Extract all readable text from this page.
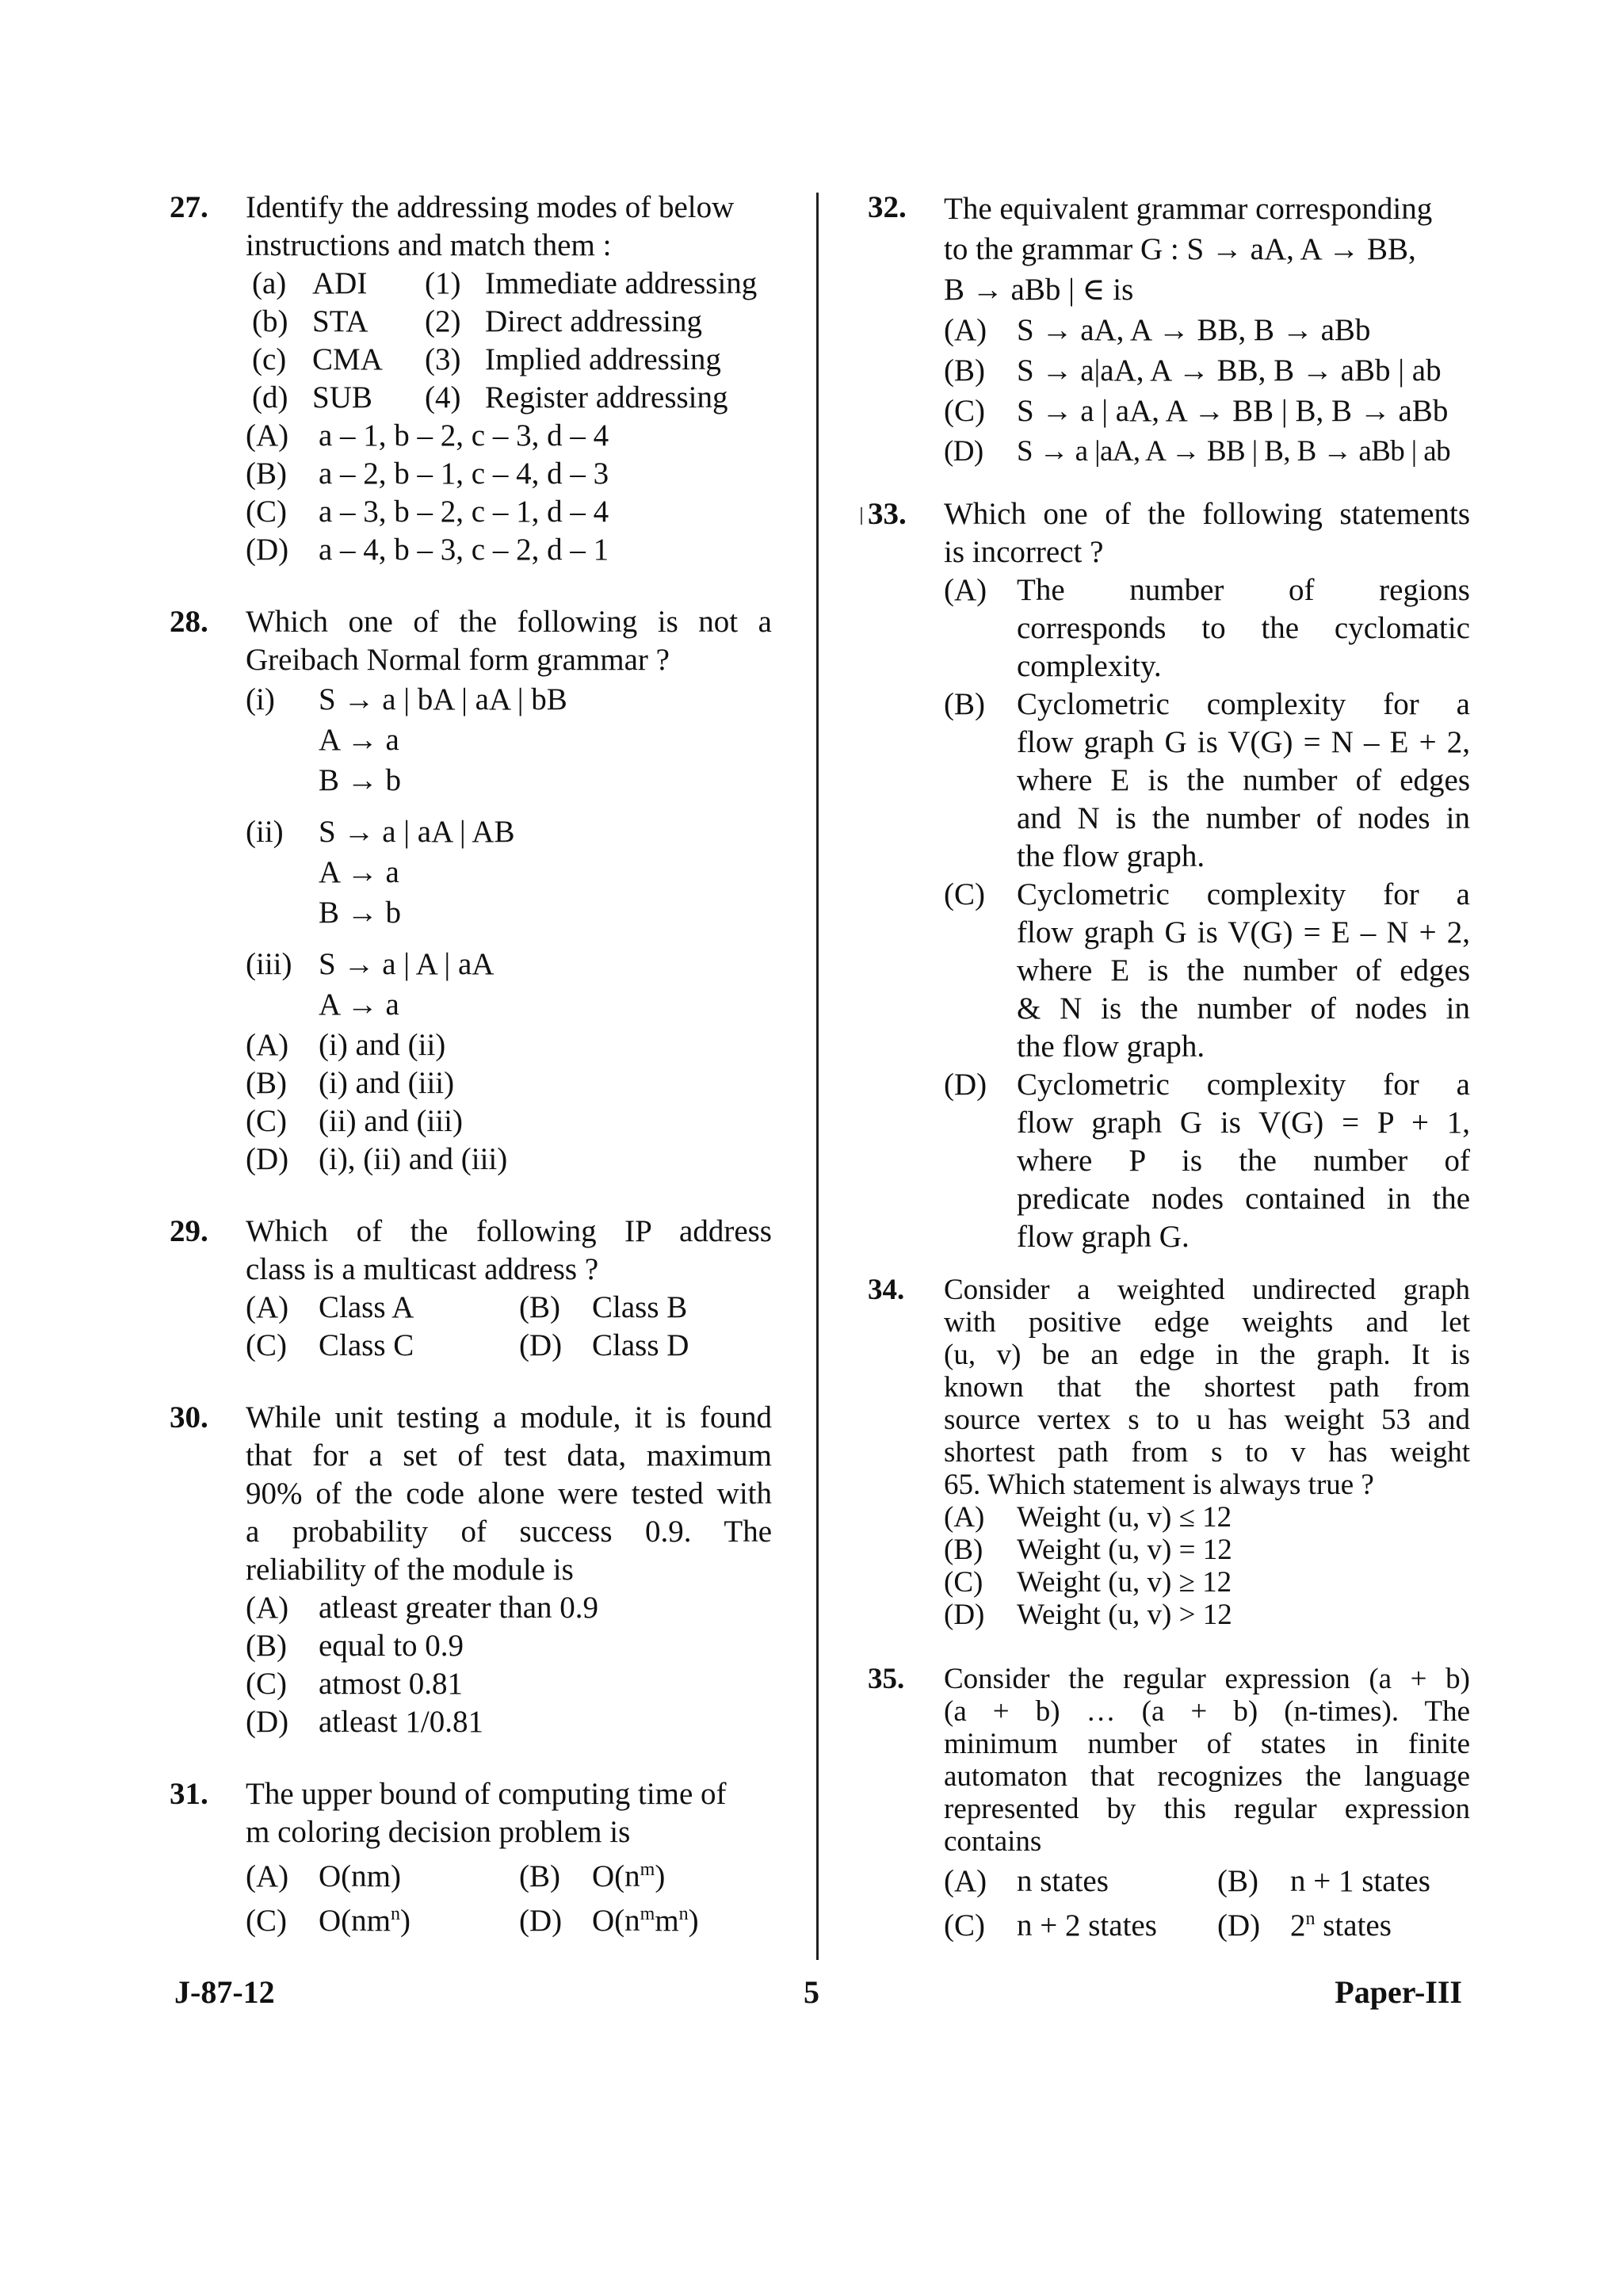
27.	Identify the addressing modes of below
instructions and match them :
(a) ADI (1) Immediate addressing
(b) STA (2) Direct addressing
(c) CMA (3) Implied addressing
(d) SUB (4) Register addressing
(A) a – 1, b – 2, c – 3, d – 4
(B)	a – 2, b – 1, c – 4, d – 3
(C)	a – 3, b – 2, c – 1, d – 4
(D) a – 4, b – 3, c – 2, d – 1
28.	Which one of the following is not a
Greibach Normal form grammar ?
(i)	S → a | bA | aA | bB
A → a
B → b
(ii)	S → a | aA | AB
A → a
B → b
(iii) S → a | A | aA
A → a
(A) (i) and (ii)
(B)	(i) and (iii)
(C)	(ii) and (iii)
(D) (i), (ii) and (iii)
29.	Which of the following IP address
class is a multicast address ?
(A) Class A	(B)	Class B
(C)	Class C	(D) Class D
30.	While unit testing a module, it is found
that for a set of test data, maximum
90% of the code alone were tested with
a probability of success 0.9. The
reliability of the module is
(A) atleast greater than 0.9
(B)	equal to 0.9
(C)	atmost 0.81
(D) atleast 1/0.81
31.	The upper bound of computing time of
m coloring decision problem is
(A) O(nm)	(B)	$O(n^m)$
(C)	$O(nm^n)$	(D) $O(n^mm^n)$
32.	The equivalent grammar corresponding
to the grammar G : S → aA, A → BB,
B → aBb | ∈ is
(A) S → aA, A → BB, B → aBb
(B)	S → a|aA, A → BB, B → aBb | ab
(C)	S → a | aA, A → BB | B, B → aBb
(D)	S → a |aA, A → BB | B, B → aBb | ab
33.	Which one of the following statements
is incorrect ?
(A) The number of regions
corresponds to the cyclomatic
complexity.
(B)	Cyclometric complexity for a
flow graph G is V(G) = N – E + 2,
where E is the number of edges
and N is the number of nodes in
the flow graph.
(C)	Cyclometric complexity for a
flow graph G is V(G) = E – N + 2,
where E is the number of edges
& N is the number of nodes in
the flow graph.
(D) Cyclometric complexity for a
flow graph G is V(G) = P + 1,
where P is the number of
predicate nodes contained in the
flow graph G.
34.	Consider a weighted undirected graph
with positive edge weights and let
(u, v) be an edge in the graph. It is
known that the shortest path from
source vertex s to u has weight 53 and
shortest path from s to v has weight
65. Which statement is always true ?
(A)	Weight (u, v) ≤ 12
(B)	Weight (u, v) = 12
(C)	Weight (u, v) ≥ 12
(D)	Weight (u, v) > 12
35.	Consider the regular expression (a + b)
(a + b) … (a + b) (n-times). The
minimum number of states in finite
automaton that recognizes the language
represented by this regular expression
contains
(A) n states	(B)	n + 1 states
(C)	n + 2 states (D) 2$^n$ states
J-87-12	5	Paper-III
